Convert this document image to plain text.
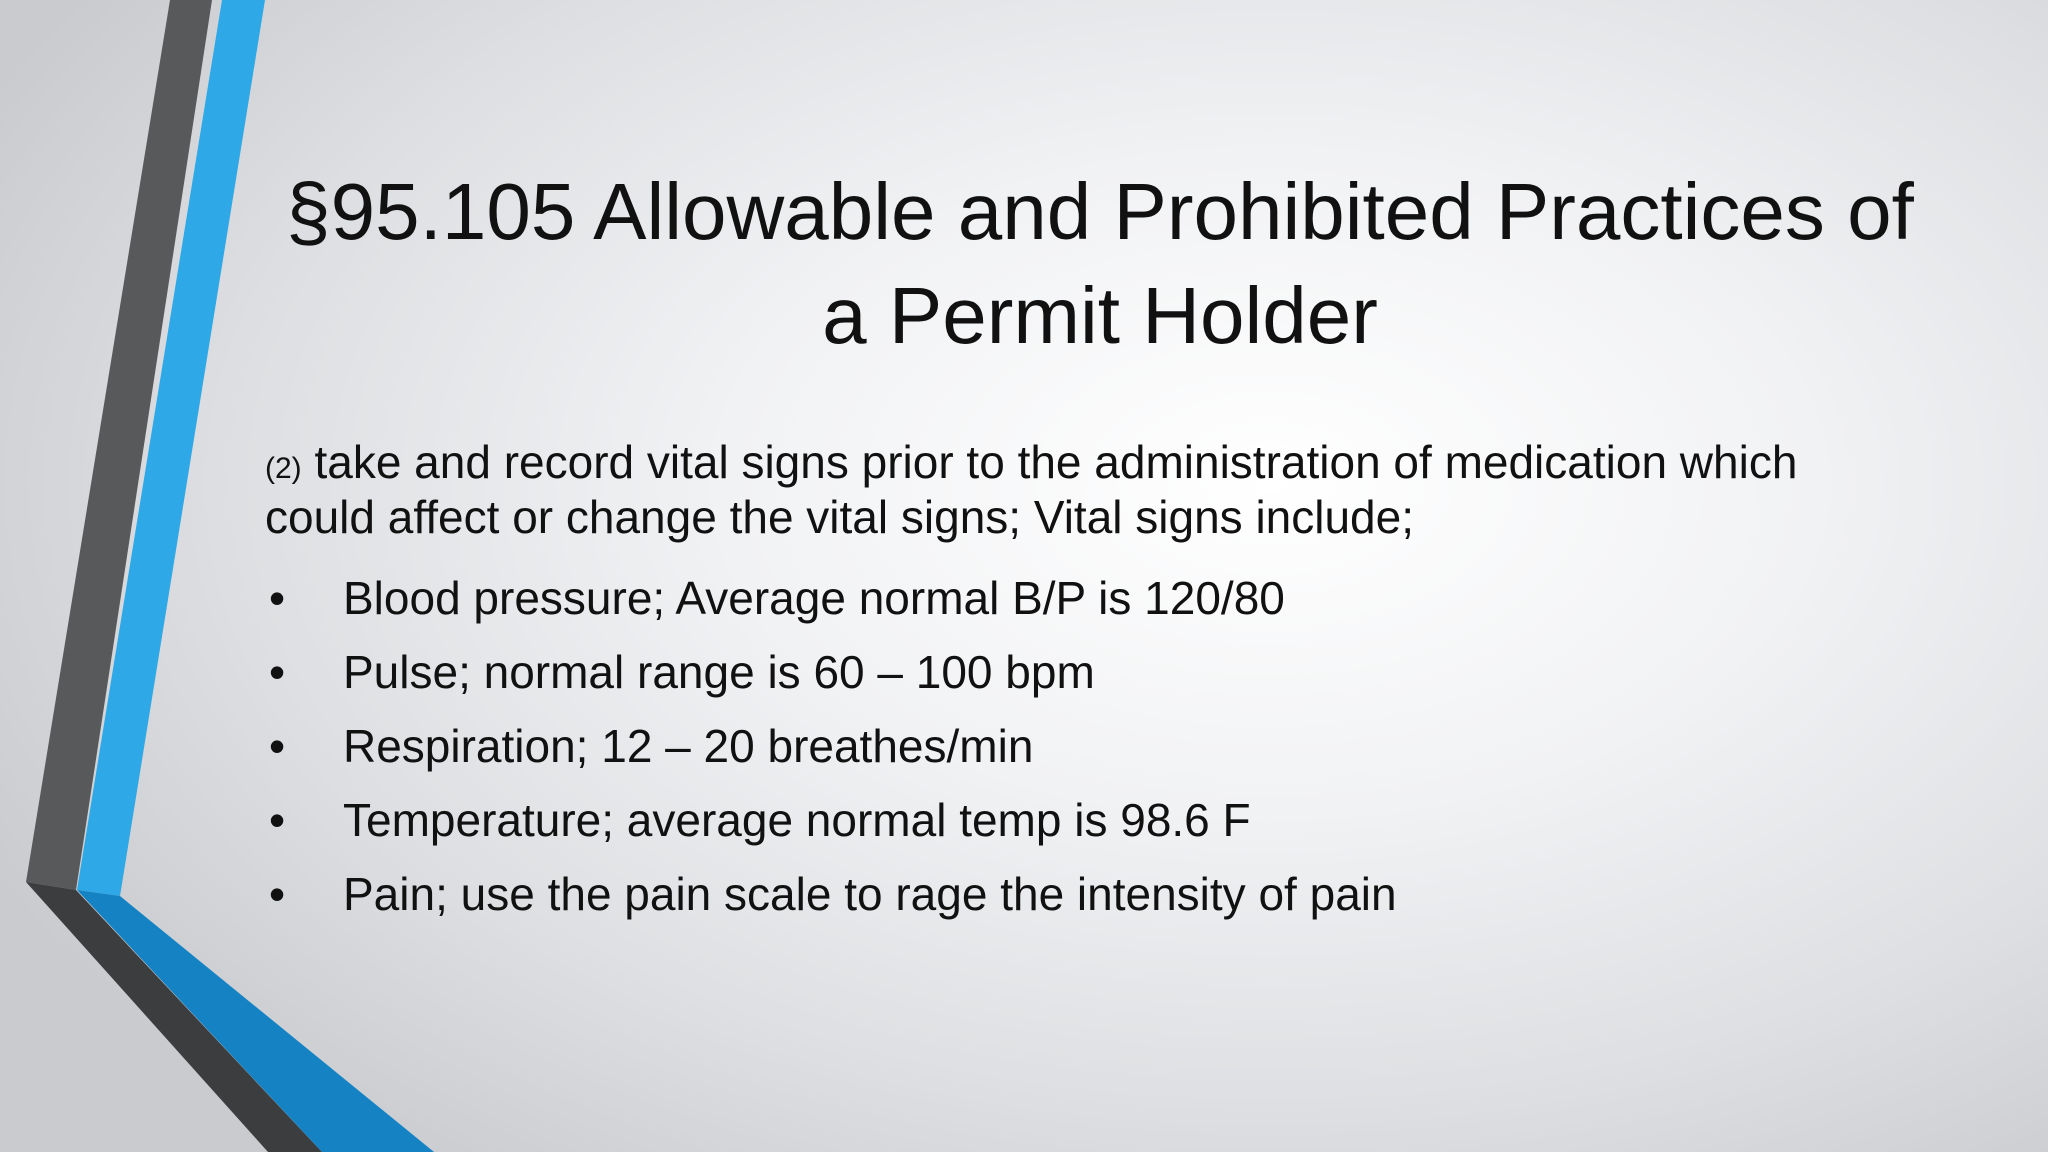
§95.105 Allowable and Prohibited Practices of a Permit Holder

(2) take and record vital signs prior to the administration of medication which could affect or change the vital signs; Vital signs include;

• Blood pressure; Average normal B/P is 120/80
• Pulse; normal range is 60 – 100 bpm
• Respiration; 12 – 20 breathes/min
• Temperature; average normal temp is 98.6 F
• Pain; use the pain scale to rage the intensity of pain
